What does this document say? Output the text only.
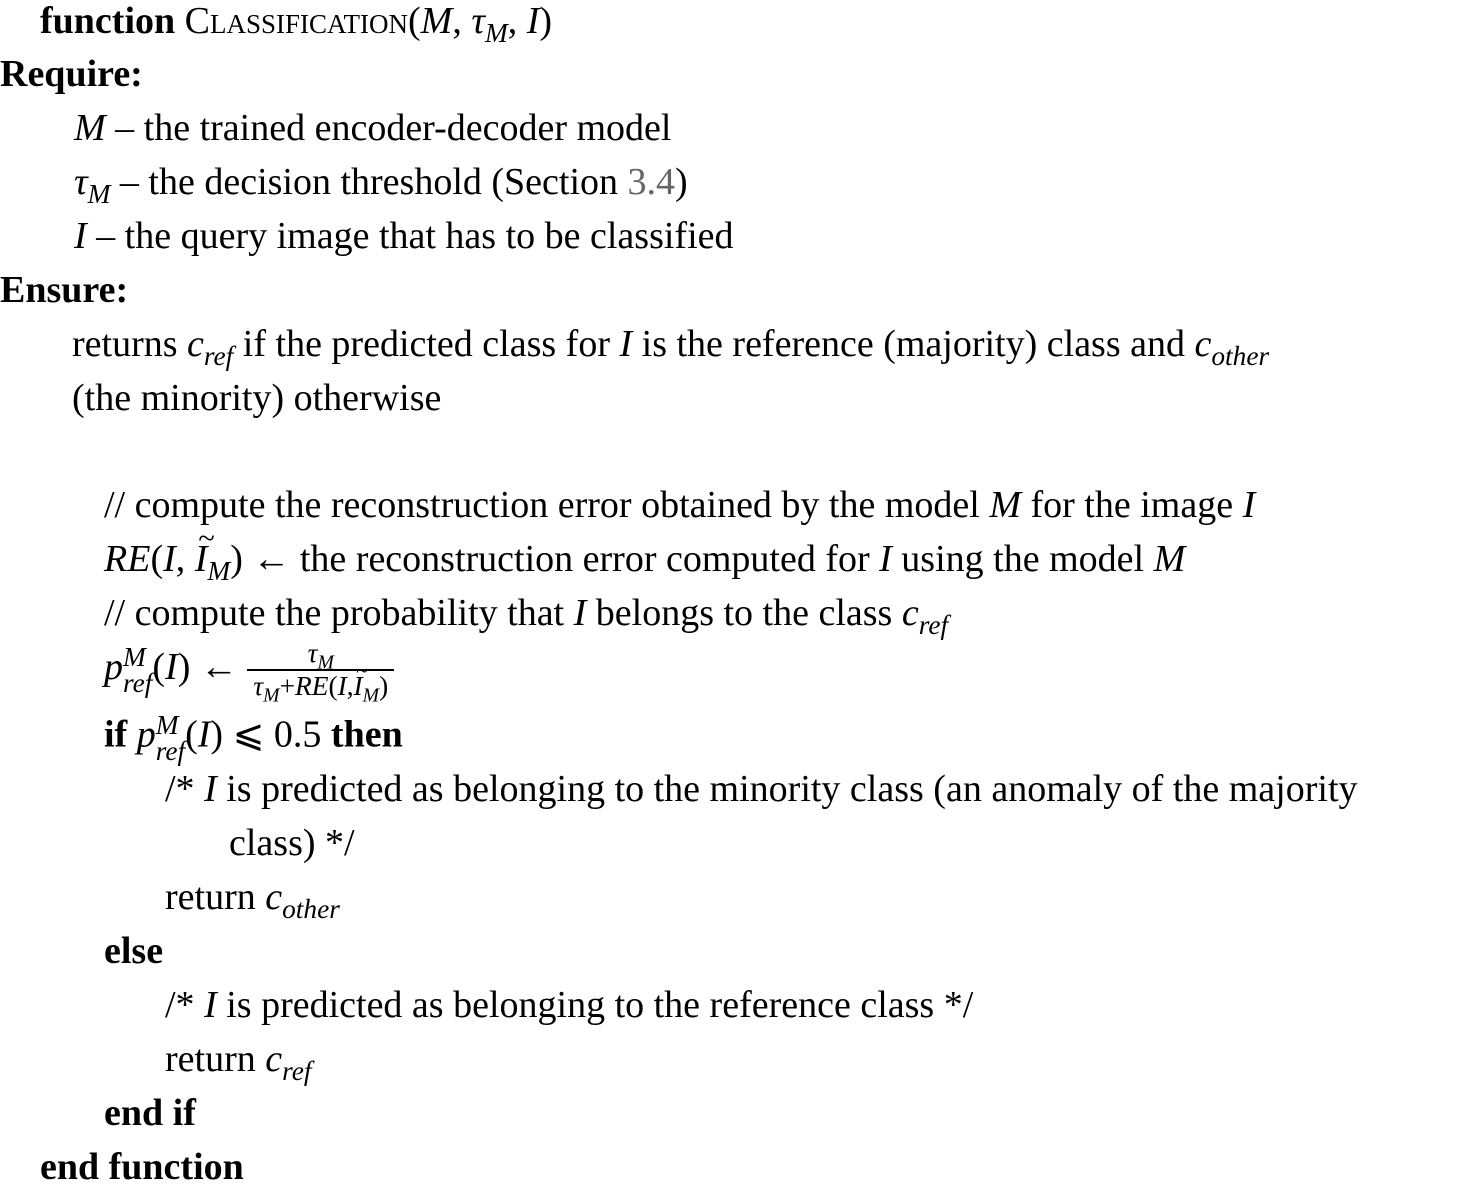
function Classification(M, $\tau_M$, I)
Require:
M – the trained encoder-decoder model
$\tau_M$ – the decision threshold (Section 3.4)
I – the query image that has to be classified
Ensure:
returns $c_{ref}$ if the predicted class for I is the reference (majority) class and $c_{other}$
(the minority) otherwise
// compute the reconstruction error obtained by the model M for the image I
RE(I, ~ $I_M$) ← the reconstruction error computed for I using the model M
// compute the probability that I belongs to the class $c_{ref}$
p M
ref (I) ← $\frac{\tau_M}{\tau_M+RE(I,\sim I_M)}$
if p M
ref (I) ⩽ 0.5 then
/* I is predicted as belonging to the minority class (an anomaly of the majority
class) */
return $c_{other}$
else
/* I is predicted as belonging to the reference class */
return $c_{ref}$
end if
end function
